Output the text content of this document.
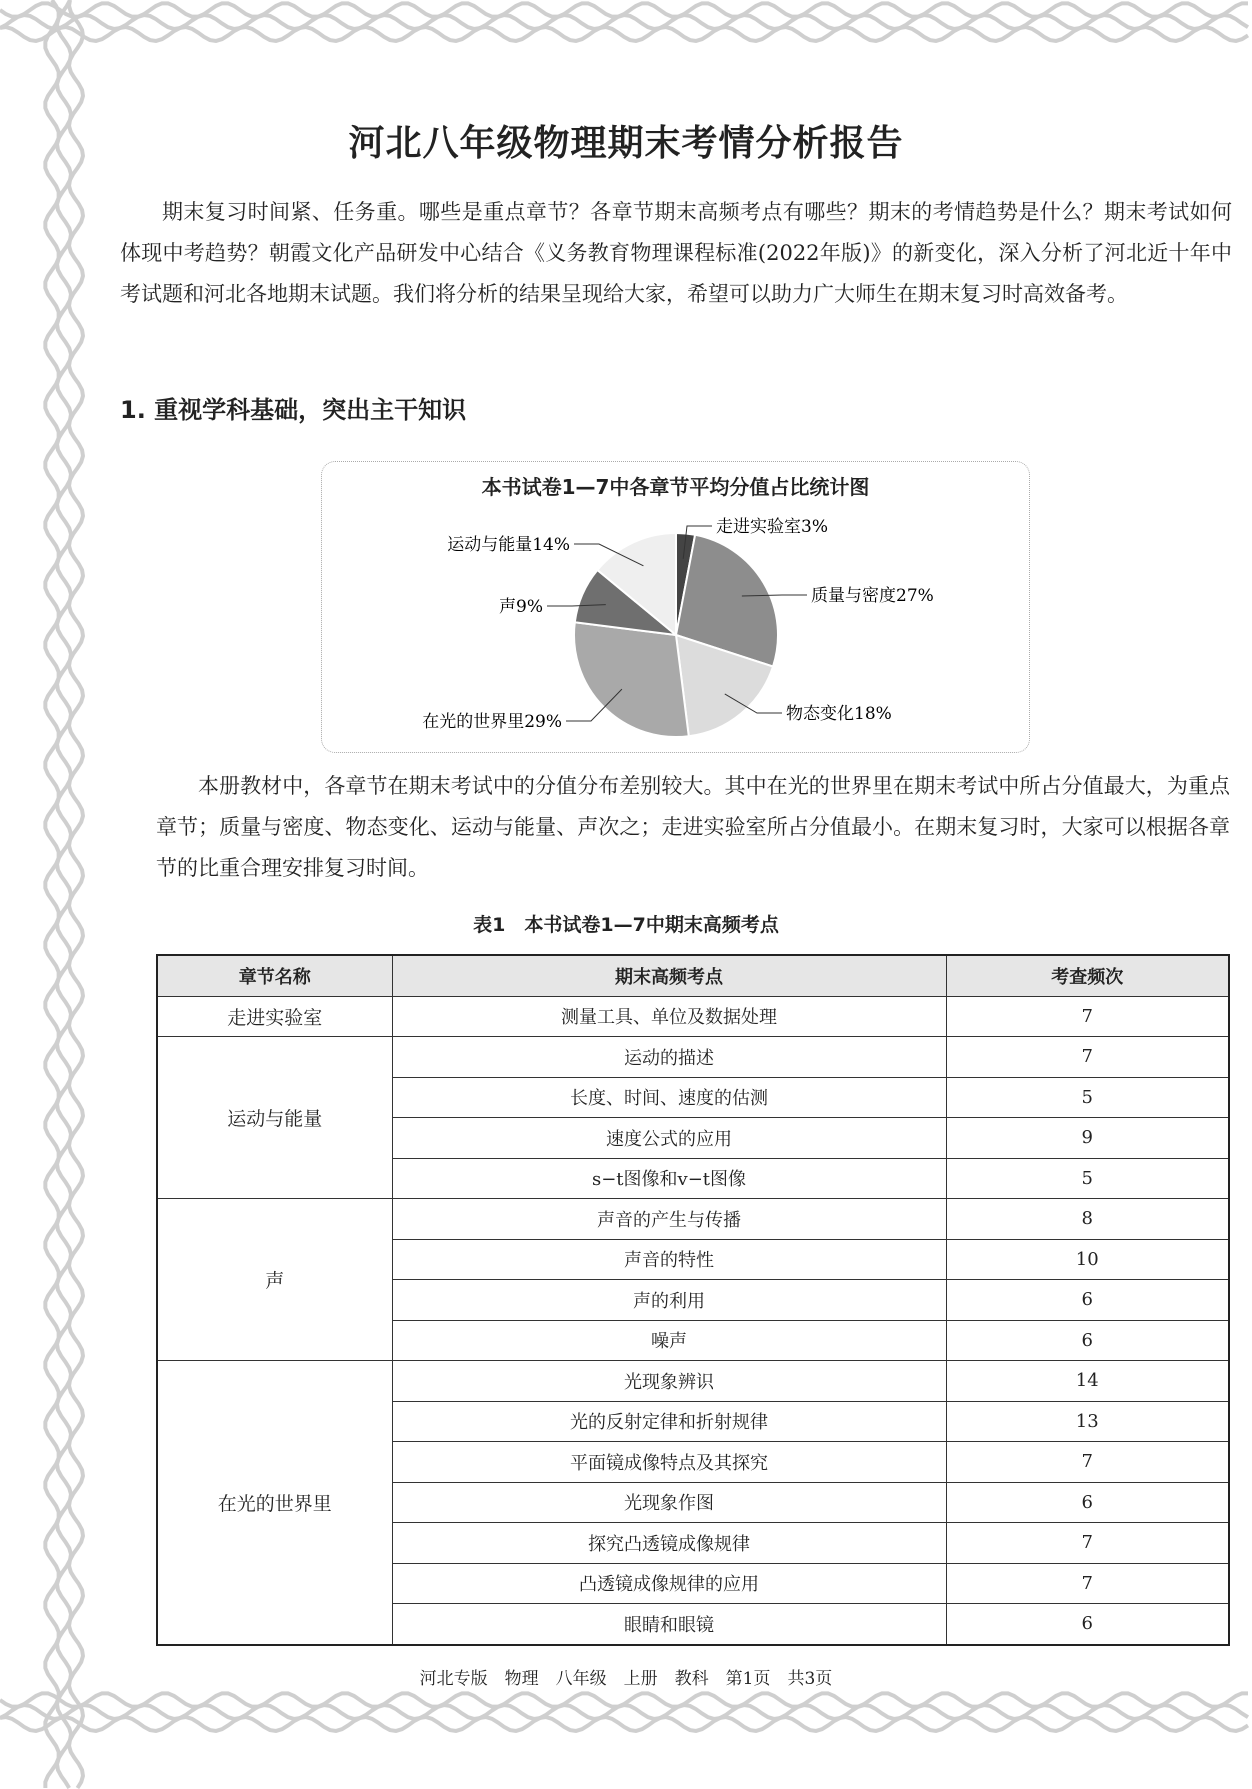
河北八年级物理期末考情分析报告
期末复习时间紧、任务重。哪些是重点章节？各章节期末高频考点有哪些？期末的考情趋势是什么？期末考试如何体现中考趋势？朝霞文化产品研发中心结合《义务教育物理课程标准(2022年版)》的新变化，深入分析了河北近十年中考试题和河北各地期末试题。我们将分析的结果呈现给大家，希望可以助力广大师生在期末复习时高效备考。
1. 重视学科基础，突出主干知识
走进实验室3%
质量与密度27%
物态变化18%
在光的世界里29%
声9%
运动与能量14%
本书试卷1—7中各章节平均分值占比统计图
本册教材中，各章节在期末考试中的分值分布差别较大。其中在光的世界里在期末考试中所占分值最大，为重点章节；质量与密度、物态变化、运动与能量、声次之；走进实验室所占分值最小。在期末复习时，大家可以根据各章节的比重合理安排复习时间。
表1　本书试卷1—7中期末高频考点
章节名称	期末高频考点	考查频次
走进实验室	测量工具、单位及数据处理	7
运动与能量	运动的描述	7
	长度、时间、速度的估测	5
	速度公式的应用	9
	s−t图像和v−t图像	5
声	声音的产生与传播	8
	声音的特性	10
	声的利用	6
	噪声	6
在光的世界里	光现象辨识	14
	光的反射定律和折射规律	13
	平面镜成像特点及其探究	7
	光现象作图	6
	探究凸透镜成像规律	7
	凸透镜成像规律的应用	7
	眼睛和眼镜	6
河北专版　物理　八年级　上册　教科　第1页　共3页
